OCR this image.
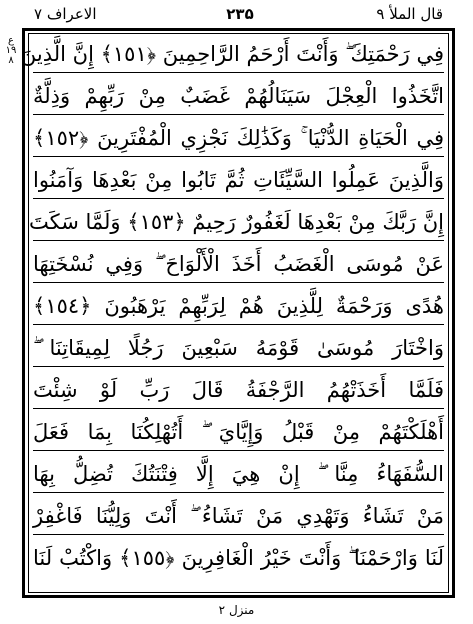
الاعراف ۷	۲۳۵	قال الملأ ۹
ع ۱۹ ۸ فِي رَحْمَتِكَ ۖ وَأَنْتَ أَرْحَمُ الرَّاحِمِينَ ﴿١٥١﴾ إِنَّ الَّذِينَ
اتَّخَذُوا الْعِجْلَ سَيَنَالُهُمْ غَضَبٌ مِنْ رَبِّهِمْ وَذِلَّةٌ
فِي الْحَيَاةِ الدُّنْيَا ۚ وَكَذَٰلِكَ نَجْزِي الْمُفْتَرِينَ ﴿١٥٢﴾
وَالَّذِينَ عَمِلُوا السَّيِّئَاتِ ثُمَّ تَابُوا مِنْ بَعْدِهَا وَآمَنُوا
إِنَّ رَبَّكَ مِنْ بَعْدِهَا لَغَفُورٌ رَحِيمٌ ﴿١٥٣﴾ وَلَمَّا سَكَتَ
عَنْ مُوسَى الْغَضَبُ أَخَذَ الْأَلْوَاحَ ۖ وَفِي نُسْخَتِهَا
هُدًى وَرَحْمَةٌ لِلَّذِينَ هُمْ لِرَبِّهِمْ يَرْهَبُونَ ﴿١٥٤﴾
وَاخْتَارَ مُوسَىٰ قَوْمَهُ سَبْعِينَ رَجُلًا لِمِيقَاتِنَا ۖ
فَلَمَّا أَخَذَتْهُمُ الرَّجْفَةُ قَالَ رَبِّ لَوْ شِئْتَ
أَهْلَكْتَهُمْ مِنْ قَبْلُ وَإِيَّايَ ۖ أَتُهْلِكُنَا بِمَا فَعَلَ
السُّفَهَاءُ مِنَّا ۖ إِنْ هِيَ إِلَّا فِتْنَتُكَ تُضِلُّ بِهَا
مَنْ تَشَاءُ وَتَهْدِي مَنْ تَشَاءُ ۖ أَنْتَ وَلِيُّنَا فَاغْفِرْ
لَنَا وَارْحَمْنَا ۖ وَأَنْتَ خَيْرُ الْغَافِرِينَ ﴿١٥٥﴾ وَاكْتُبْ لَنَا
منزل ۲
